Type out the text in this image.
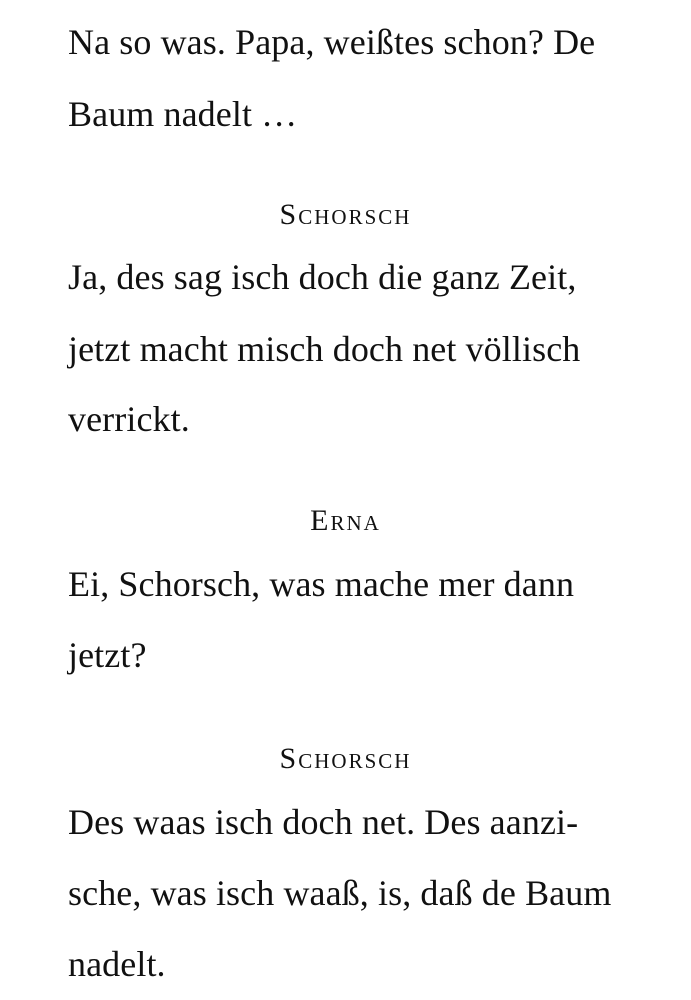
Na so was. Papa, weißtes schon? De
Baum nadelt …
Schorsch
Ja, des sag isch doch die ganz Zeit,
jetzt macht misch doch net völlisch
verrickt.
Erna
Ei, Schorsch, was mache mer dann
jetzt?
Schorsch
Des waas isch doch net. Des aanzi-
sche, was isch waaß, is, daß de Baum
nadelt.
